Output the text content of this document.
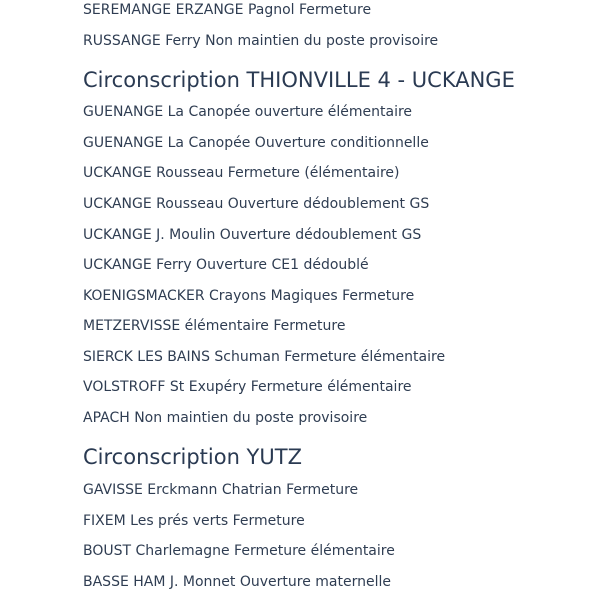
SEREMANGE ERZANGE Pagnol Fermeture
RUSSANGE Ferry Non maintien du poste provisoire
Circonscription THIONVILLE 4 - UCKANGE
GUENANGE La Canopée ouverture élémentaire
GUENANGE La Canopée Ouverture conditionnelle
UCKANGE Rousseau Fermeture (élémentaire)
UCKANGE Rousseau Ouverture dédoublement GS
UCKANGE J. Moulin Ouverture dédoublement GS
UCKANGE Ferry Ouverture CE1 dédoublé
KOENIGSMACKER Crayons Magiques Fermeture
METZERVISSE élémentaire Fermeture
SIERCK LES BAINS Schuman Fermeture élémentaire
VOLSTROFF St Exupéry Fermeture élémentaire
APACH Non maintien du poste provisoire
Circonscription YUTZ
GAVISSE Erckmann Chatrian Fermeture
FIXEM Les prés verts Fermeture
BOUST Charlemagne Fermeture élémentaire
BASSE HAM J. Monnet Ouverture maternelle
